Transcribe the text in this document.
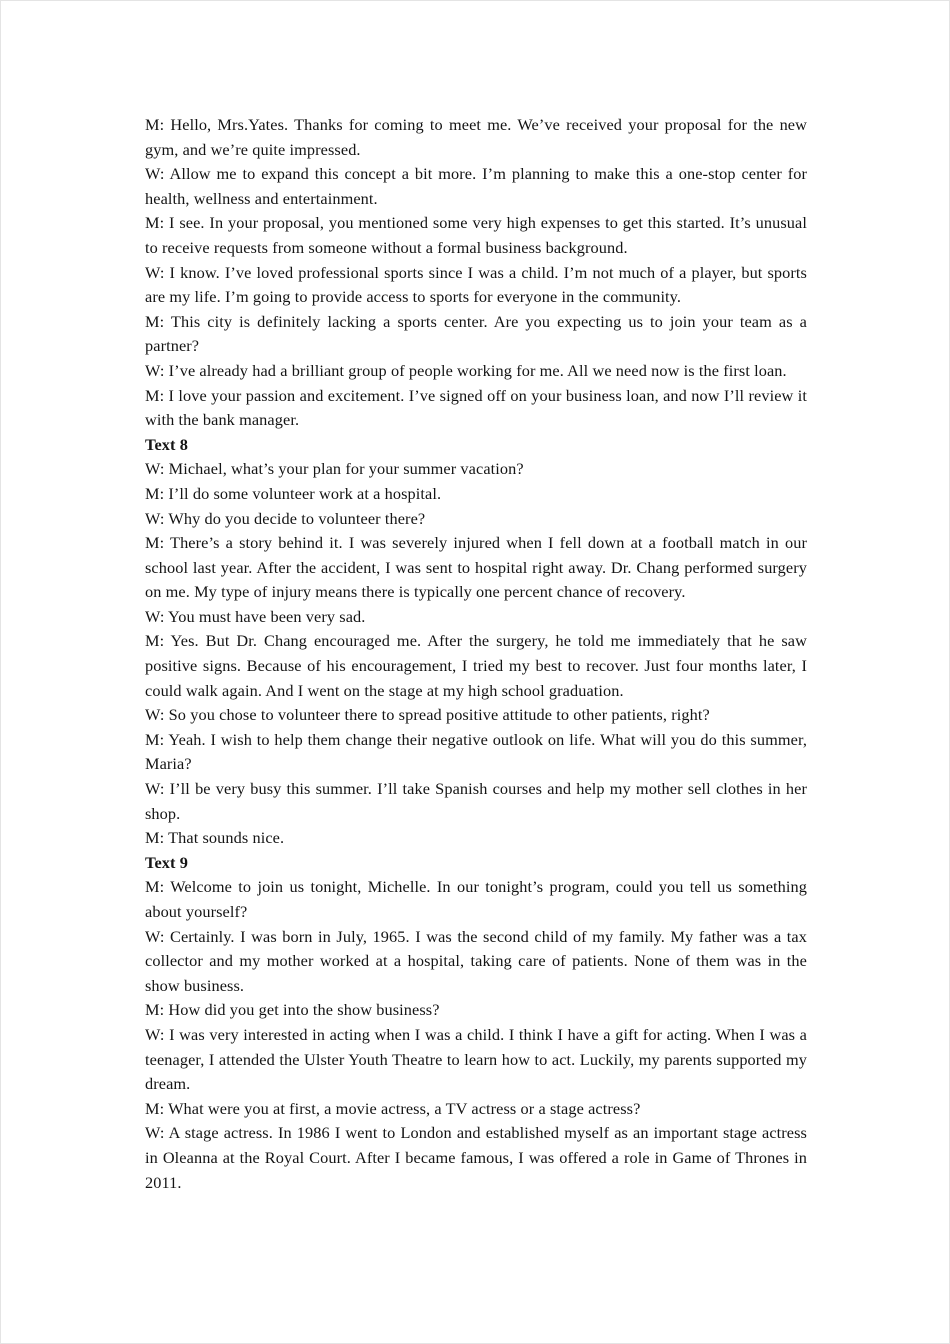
M: Hello, Mrs.Yates. Thanks for coming to meet me. We’ve received your proposal for the new gym, and we’re quite impressed.

W: Allow me to expand this concept a bit more. I’m planning to make this a one-stop center for health, wellness and entertainment.

M: I see. In your proposal, you mentioned some very high expenses to get this started. It’s unusual to receive requests from someone without a formal business background.

W: I know. I’ve loved professional sports since I was a child. I’m not much of a player, but sports are my life. I’m going to provide access to sports for everyone in the community.

M: This city is definitely lacking a sports center. Are you expecting us to join your team as a partner?

W: I’ve already had a brilliant group of people working for me. All we need now is the first loan.

M: I love your passion and excitement. I’ve signed off on your business loan, and now I’ll review it with the bank manager.

Text 8

W: Michael, what’s your plan for your summer vacation?

M: I’ll do some volunteer work at a hospital.

W: Why do you decide to volunteer there?

M: There’s a story behind it. I was severely injured when I fell down at a football match in our school last year. After the accident, I was sent to hospital right away. Dr. Chang performed surgery on me. My type of injury means there is typically one percent chance of recovery.

W: You must have been very sad.

M: Yes. But Dr. Chang encouraged me. After the surgery, he told me immediately that he saw positive signs. Because of his encouragement, I tried my best to recover. Just four months later, I could walk again. And I went on the stage at my high school graduation.

W: So you chose to volunteer there to spread positive attitude to other patients, right?

M: Yeah. I wish to help them change their negative outlook on life. What will you do this summer, Maria?

W: I’ll be very busy this summer. I’ll take Spanish courses and help my mother sell clothes in her shop.

M: That sounds nice.

Text 9

M: Welcome to join us tonight, Michelle. In our tonight’s program, could you tell us something about yourself?

W: Certainly. I was born in July, 1965. I was the second child of my family. My father was a tax collector and my mother worked at a hospital, taking care of patients. None of them was in the show business.

M: How did you get into the show business?

W: I was very interested in acting when I was a child. I think I have a gift for acting. When I was a teenager, I attended the Ulster Youth Theatre to learn how to act. Luckily, my parents supported my dream.

M: What were you at first, a movie actress, a TV actress or a stage actress?

W: A stage actress. In 1986 I went to London and established myself as an important stage actress in Oleanna at the Royal Court. After I became famous, I was offered a role in Game of Thrones in 2011.
